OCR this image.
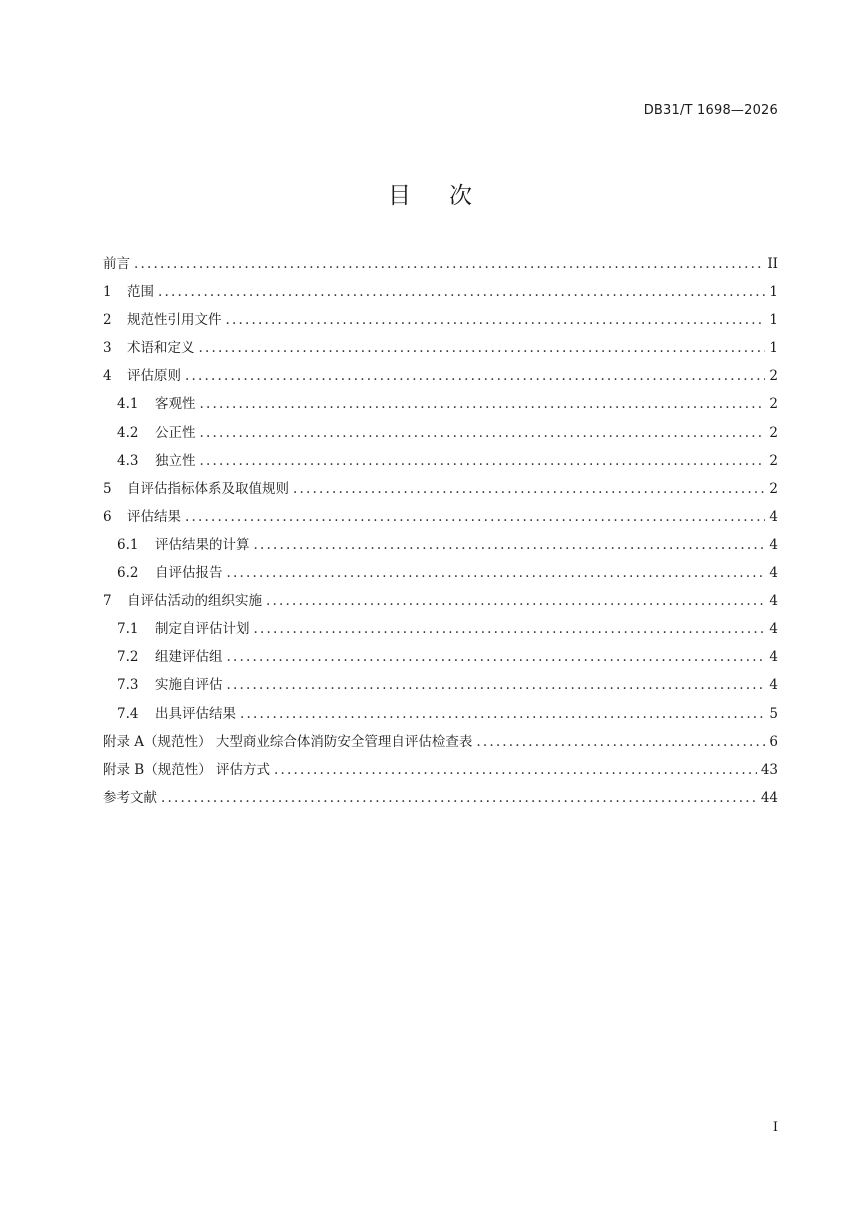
DB31/T 1698—2026
目次
前言 .....	II
1	范围 .....	1
2	规范性引用文件 .....	1
3	术语和定义 .....	1
4	评估原则 .....	2
4.1	客观性 .....	2
4.2	公正性 .....	2
4.3	独立性 .....	2
5	自评估指标体系及取值规则 .....	2
6	评估结果 .....	4
6.1	评估结果的计算 .....	4
6.2	自评估报告 .....	4
7	自评估活动的组织实施 .....	4
7.1	制定自评估计划 .....	4
7.2	组建评估组 .....	4
7.3	实施自评估 .....	4
7.4	出具评估结果 .....	5
附录 A（规范性） 大型商业综合体消防安全管理自评估检查表 .....	6
附录 B（规范性） 评估方式 .....	43
参考文献 .....	44
I
